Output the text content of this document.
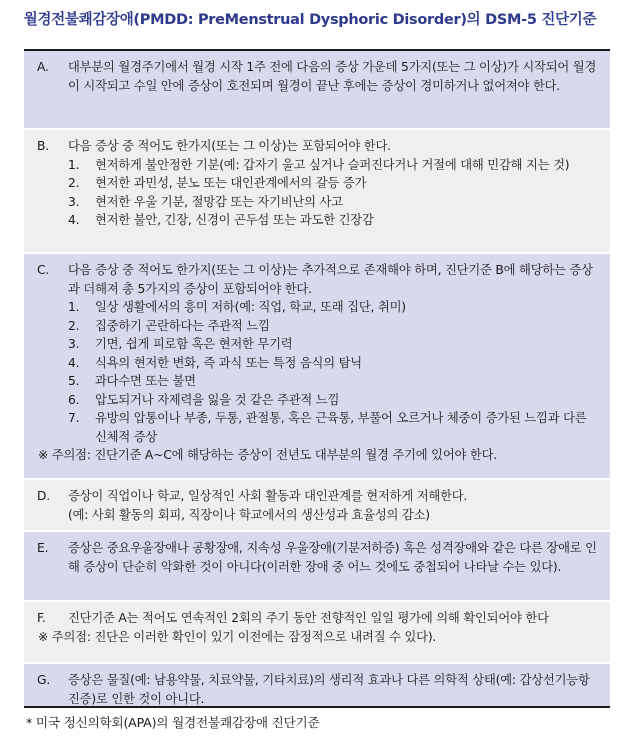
월경전불쾌감장애(PMDD: PreMenstrual Dysphoric Disorder)의 DSM-5 진단기준
A. 대부분의 월경주기에서 월경 시작 1주 전에 다음의 증상 가운데 5가지(또는 그 이상)가 시작되어 월경이 시작되고 수일 안에 증상이 호전되며 월경이 끝난 후에는 증상이 경미하거나 없어져야 한다.
B. 다음 증상 중 적어도 한가지(또는 그 이상)는 포함되어야 한다.
1. 현저하게 불안정한 기분(예: 갑자기 울고 싶거나 슬퍼진다거나 거절에 대해 민감해 지는 것)
2. 현저한 과민성, 분노 또는 대인관계에서의 갈등 증가
3. 현저한 우울 기분, 절망감 또는 자기비난의 사고
4. 현저한 불안, 긴장, 신경이 곤두섬 또는 과도한 긴장감
C. 다음 증상 중 적어도 한가지(또는 그 이상)는 추가적으로 존재해야 하며, 진단기준 B에 해당하는 증상과 더해져 총 5가지의 증상이 포함되어야 한다.
1. 일상 생활에서의 흥미 저하(예: 직업, 학교, 또래 집단, 취미)
2. 집중하기 곤란하다는 주관적 느낌
3. 기면, 쉽게 피로함 혹은 현저한 무기력
4. 식욕의 현저한 변화, 즉 과식 또는 특정 음식의 탐닉
5. 과다수면 또는 불면
6. 압도되거나 자제력을 잃을 것 같은 주관적 느낌
7. 유방의 압통이나 부종, 두통, 관절통, 혹은 근육통, 부풀어 오르거나 체중이 증가된 느낌과 다른 신체적 증상
※ 주의점: 진단기준 A~C에 해당하는 증상이 전년도 대부분의 월경 주기에 있어야 한다.
D. 증상이 직업이나 학교, 일상적인 사회 활동과 대인관계를 현저하게 저해한다.
(예: 사회 활동의 회피, 직장이나 학교에서의 생산성과 효율성의 감소)
E. 증상은 중요우울장애나 공황장애, 지속성 우울장애(기분저하증) 혹은 성격장애와 같은 다른 장애로 인해 증상이 단순히 악화한 것이 아니다(이러한 장애 중 어느 것에도 중첩되어 나타날 수는 있다).
F. 진단기준 A는 적어도 연속적인 2회의 주기 동안 전향적인 일일 평가에 의해 확인되어야 한다
※ 주의점: 진단은 이러한 확인이 있기 이전에는 잠정적으로 내려질 수 있다).
G. 증상은 물질(예: 남용약물, 치료약물, 기타치료)의 생리적 효과나 다른 의학적 상태(예: 갑상선기능항진증)로 인한 것이 아니다.
* 미국 정신의학회(APA)의 월경전불쾌감장애 진단기준
